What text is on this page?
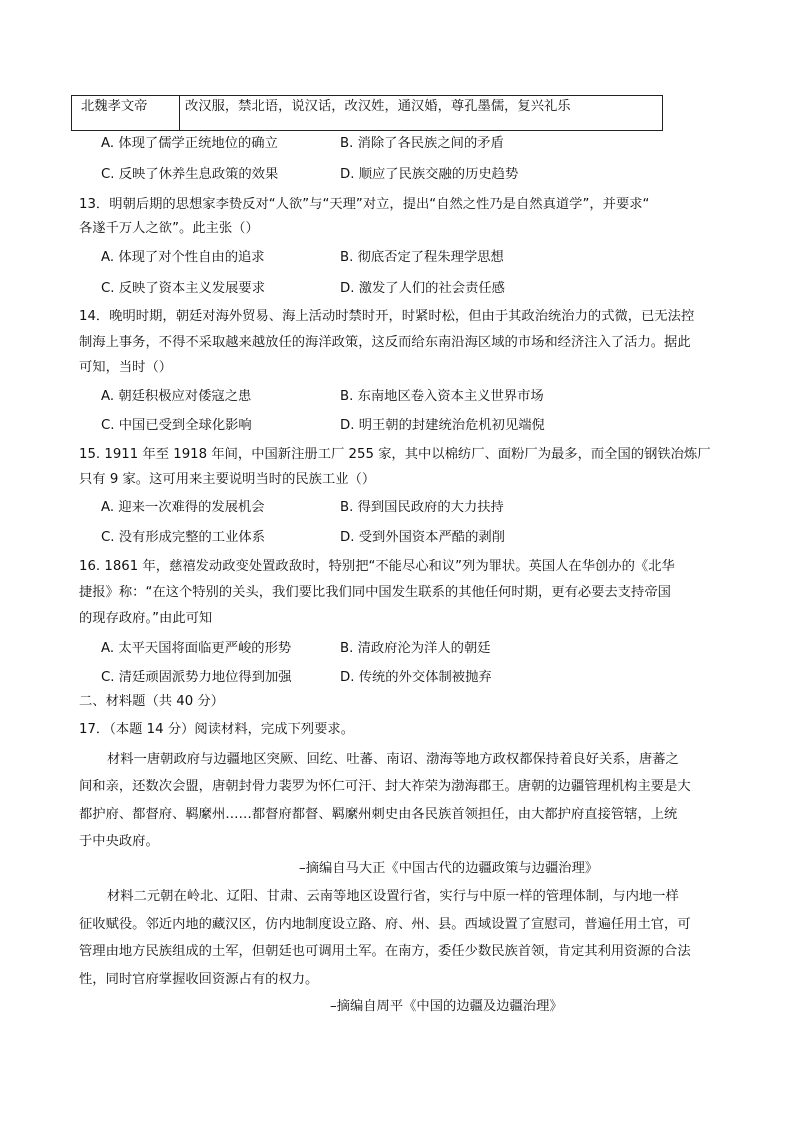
北魏孝文帝	改汉服，禁北语，说汉话，改汉姓，通汉婚，尊孔墨儒，复兴礼乐
A. 体现了儒学正统地位的确立	B. 消除了各民族之间的矛盾
C. 反映了休养生息政策的效果	D. 顺应了民族交融的历史趋势
13．明朝后期的思想家李贽反对“人欲”与“天理”对立，提出“自然之性乃是自然真道学”，并要求“
各遂千万人之欲”。此主张（）
A. 体现了对个性自由的追求	B. 彻底否定了程朱理学思想
C. 反映了资本主义发展要求	D. 激发了人们的社会责任感
14．晚明时期，朝廷对海外贸易、海上活动时禁时开，时紧时松，但由于其政治统治力的式微，已无法控
制海上事务，不得不采取越来越放任的海洋政策，这反而给东南沿海区域的市场和经济注入了活力。据此
可知，当时（）
A. 朝廷积极应对倭寇之患	B. 东南地区卷入资本主义世界市场
C. 中国已受到全球化影响	D. 明王朝的封建统治危机初见端倪
15. 1911 年至 1918 年间，中国新注册工厂 255 家，其中以棉纺厂、面粉厂为最多，而全国的钢铁冶炼厂
只有 9 家。这可用来主要说明当时的民族工业（）
A. 迎来一次难得的发展机会	B. 得到国民政府的大力扶持
C. 没有形成完整的工业体系	D. 受到外国资本严酷的剥削
16. 1861 年，慈禧发动政变处置政敌时，特别把“不能尽心和议”列为罪状。英国人在华创办的《北华
捷报》称：“在这个特别的关头，我们要比我们同中国发生联系的其他任何时期，更有必要去支持帝国
的现存政府。”由此可知
A. 太平天国将面临更严峻的形势	B. 清政府沦为洋人的朝廷
C. 清廷顽固派势力地位得到加强	D. 传统的外交体制被抛弃
二、材料题（共 40 分）
17．（本题 14 分）阅读材料，完成下列要求。
材料一唐朝政府与边疆地区突厥、回纥、吐蕃、南诏、渤海等地方政权都保持着良好关系，唐蕃之
间和亲，还数次会盟，唐朝封骨力裴罗为怀仁可汗、封大祚荣为渤海郡王。唐朝的边疆管理机构主要是大
都护府、都督府、羁縻州……都督府都督、羁縻州刺史由各民族首领担任，由大都护府直接管辖，上统
于中央政府。
–摘编自马大正《中国古代的边疆政策与边疆治理》
材料二元朝在岭北、辽阳、甘肃、云南等地区设置行省，实行与中原一样的管理体制，与内地一样
征收赋役。邻近内地的藏汉区，仿内地制度设立路、府、州、县。西域设置了宣慰司，普遍任用土官，可
管理由地方民族组成的土军，但朝廷也可调用土军。在南方，委任少数民族首领，肯定其利用资源的合法
性，同时官府掌握收回资源占有的权力。
–摘编自周平《中国的边疆及边疆治理》
